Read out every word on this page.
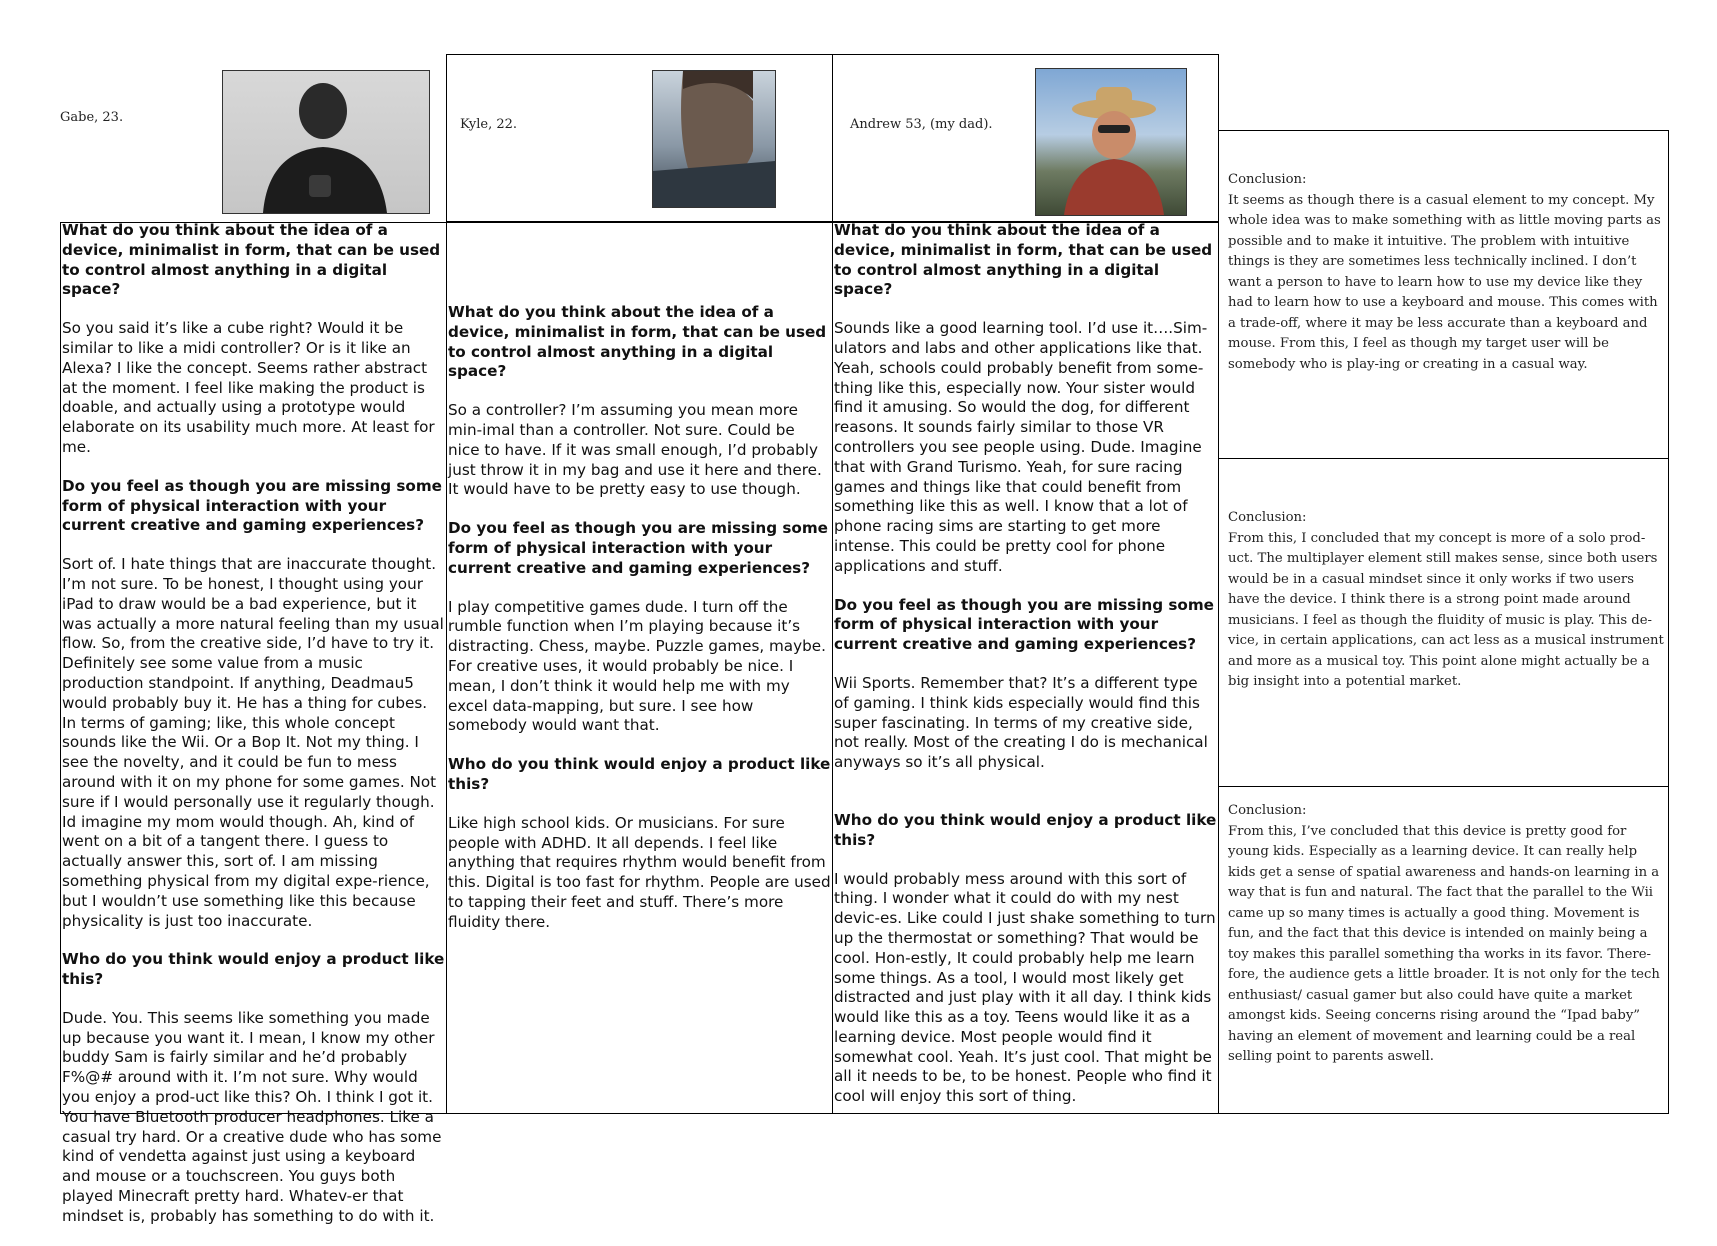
Gabe, 23.	Kyle, 22.	Andrew 53, (my dad).

What do you think about the idea of a device, minimalist in form, that can be used to control almost anything in a digital space?

So you said it’s like a cube right? Would it be similar to like a midi controller? Or is it like an Alexa? I like the concept. Seems rather abstract at the moment. I feel like making the product is doable, and actually using a prototype would elaborate on its usability much more. At least for me.

Do you feel as though you are missing some form of physical interaction with your current creative and gaming experiences?

Sort of. I hate things that are inaccurate thought. I’m not sure. To be honest, I thought using your iPad to draw would be a bad experience, but it was actually a more natural feeling than my usual flow. So, from the creative side, I’d have to try it. Definitely see some value from a music production standpoint. If anything, Deadmau5 would probably buy it. He has a thing for cubes. In terms of gaming; like, this whole concept sounds like the Wii. Or a Bop It. Not my thing. I see the novelty, and it could be fun to mess around with it on my phone for some games. Not sure if I would personally use it regularly though. Id imagine my mom would though. Ah, kind of went on a bit of a tangent there. I guess to actually answer this, sort of. I am missing something physical from my digital expe-rience, but I wouldn’t use something like this because physicality is just too inaccurate.

Who do you think would enjoy a product like this?

Dude. You. This seems like something you made up because you want it. I mean, I know my other buddy Sam is fairly similar and he’d probably F%@# around with it. I’m not sure. Why would you enjoy a prod-uct like this? Oh. I think I got it. You have Bluetooth producer headphones. Like a casual try hard. Or a creative dude who has some kind of vendetta against just using a keyboard and mouse or a touchscreen. You guys both played Minecraft pretty hard. Whatev-er that mindset is, probably has something to do with it.

What do you think about the idea of a device, minimalist in form, that can be used to control almost anything in a digital space?

So a controller? I’m assuming you mean more min-imal than a controller. Not sure. Could be nice to have. If it was small enough, I’d probably just throw it in my bag and use it here and there. It would have to be pretty easy to use though.

Do you feel as though you are missing some form of physical interaction with your current creative and gaming experiences?

I play competitive games dude. I turn off the rumble function when I’m playing because it’s distracting. Chess, maybe. Puzzle games, maybe. For creative uses, it would probably be nice. I mean, I don’t think it would help me with my excel data-mapping, but sure. I see how somebody would want that.

Who do you think would enjoy a product like this?

Like high school kids. Or musicians. For sure people with ADHD. It all depends. I feel like anything that requires rhythm would benefit from this. Digital is too fast for rhythm. People are used to tapping their feet and stuff. There’s more fluidity there.

What do you think about the idea of a device, minimalist in form, that can be used to control almost anything in a digital space?

Sounds like a good learning tool. I’d use it….Sim-ulators and labs and other applications like that. Yeah, schools could probably benefit from some-thing like this, especially now. Your sister would find it amusing. So would the dog, for different reasons. It sounds fairly similar to those VR controllers you see people using. Dude. Imagine that with Grand Turismo. Yeah, for sure racing games and things like that could benefit from something like this as well. I know that a lot of phone racing sims are starting to get more intense. This could be pretty cool for phone applications and stuff.

Do you feel as though you are missing some form of physical interaction with your current creative and gaming experiences?

Wii Sports. Remember that? It’s a different type of gaming. I think kids especially would find this super fascinating. In terms of my creative side, not really. Most of the creating I do is mechanical anyways so it’s all physical.

Who do you think would enjoy a product like this?

I would probably mess around with this sort of thing. I wonder what it could do with my nest devic-es. Like could I just shake something to turn up the thermostat or something? That would be cool. Hon-estly, It could probably help me learn some things. As a tool, I would most likely get distracted and just play with it all day. I think kids would like this as a toy. Teens would like it as a learning device. Most people would find it somewhat cool. Yeah. It’s just cool. That might be all it needs to be, to be honest. People who find it cool will enjoy this sort of thing.

Conclusion:
It seems as though there is a casual element to my concept. My whole idea was to make something with as little moving parts as possible and to make it intuitive. The problem with intuitive things is they are sometimes less technically inclined. I don’t want a person to have to learn how to use my device like they had to learn how to use a keyboard and mouse. This comes with a trade-off, where it may be less accurate than a keyboard and mouse. From this, I feel as though my target user will be somebody who is play-ing or creating in a casual way.
Conclusion:
From this, I concluded that my concept is more of a solo prod-uct. The multiplayer element still makes sense, since both users would be in a casual mindset since it only works if two users have the device. I think there is a strong point made around musicians. I feel as though the fluidity of music is play. This de-vice, in certain applications, can act less as a musical instrument and more as a musical toy. This point alone might actually be a big insight into a potential market.
Conclusion:
From this, I’ve concluded that this device is pretty good for young kids. Especially as a learning device. It can really help kids get a sense of spatial awareness and hands-on learning in a way that is fun and natural. The fact that the parallel to the Wii came up so many times is actually a good thing. Movement is fun, and the fact that this device is intended on mainly being a toy makes this parallel something tha works in its favor. There-fore, the audience gets a little broader. It is not only for the tech enthusiast/ casual gamer but also could have quite a market amongst kids. Seeing concerns rising around the “Ipad baby” having an element of movement and learning could be a real selling point to parents aswell.
